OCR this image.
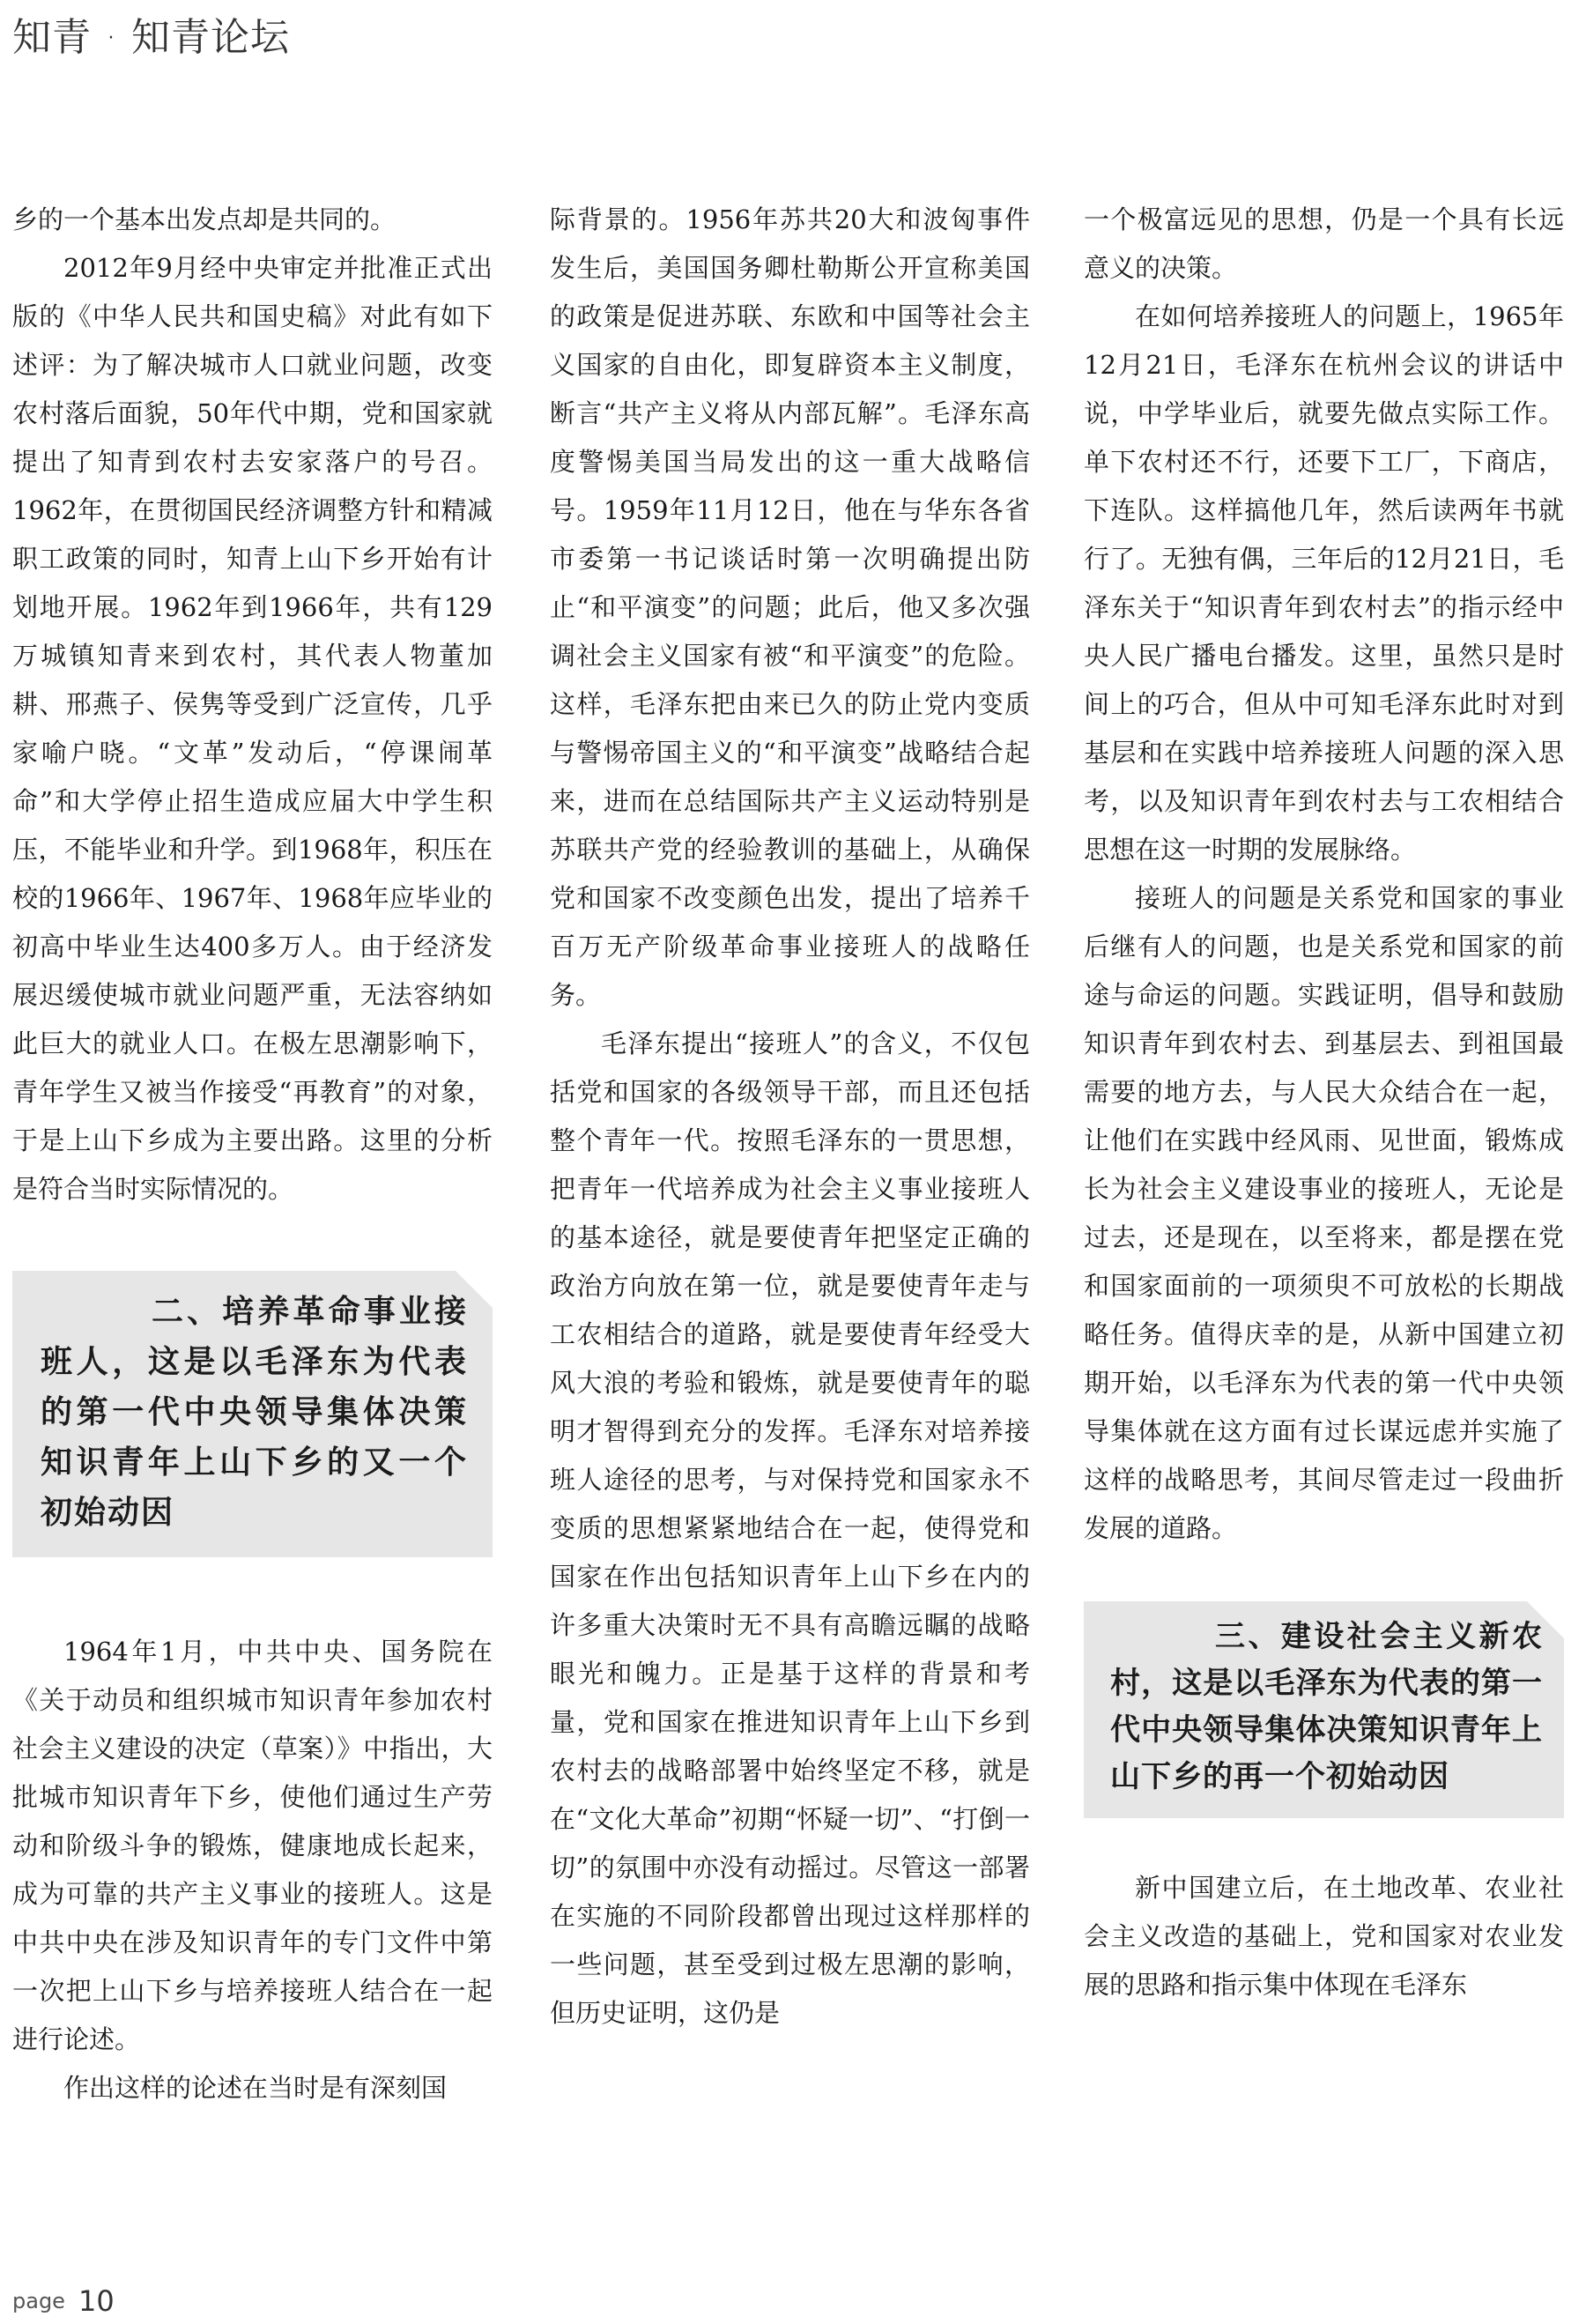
知青 · 知青论坛

乡的一个基本出发点却是共同的。

2012年9月经中央审定并批准正式出版的《中华人民共和国史稿》对此有如下述评：为了解决城市人口就业问题，改变农村落后面貌，50年代中期，党和国家就提出了知青到农村去安家落户的号召。1962年，在贯彻国民经济调整方针和精减职工政策的同时，知青上山下乡开始有计划地开展。1962年到1966年，共有129万城镇知青来到农村，其代表人物董加耕、邢燕子、侯隽等受到广泛宣传，几乎家喻户晓。“文革”发动后，“停课闹革命”和大学停止招生造成应届大中学生积压，不能毕业和升学。到1968年，积压在校的1966年、1967年、1968年应毕业的初高中毕业生达400多万人。由于经济发展迟缓使城市就业问题严重，无法容纳如此巨大的就业人口。在极左思潮影响下，青年学生又被当作接受“再教育”的对象，于是上山下乡成为主要出路。这里的分析是符合当时实际情况的。

二、培养革命事业接班人，这是以毛泽东为代表的第一代中央领导集体决策知识青年上山下乡的又一个初始动因

1964年1月，中共中央、国务院在《关于动员和组织城市知识青年参加农村社会主义建设的决定（草案）》中指出，大批城市知识青年下乡，使他们通过生产劳动和阶级斗争的锻炼，健康地成长起来，成为可靠的共产主义事业的接班人。这是中共中央在涉及知识青年的专门文件中第一次把上山下乡与培养接班人结合在一起进行论述。

作出这样的论述在当时是有深刻国

际背景的。1956年苏共20大和波匈事件发生后，美国国务卿杜勒斯公开宣称美国的政策是促进苏联、东欧和中国等社会主义国家的自由化，即复辟资本主义制度，断言“共产主义将从内部瓦解”。毛泽东高度警惕美国当局发出的这一重大战略信号。1959年11月12日，他在与华东各省市委第一书记谈话时第一次明确提出防止“和平演变”的问题；此后，他又多次强调社会主义国家有被“和平演变”的危险。这样，毛泽东把由来已久的防止党内变质与警惕帝国主义的“和平演变”战略结合起来，进而在总结国际共产主义运动特别是苏联共产党的经验教训的基础上，从确保党和国家不改变颜色出发，提出了培养千百万无产阶级革命事业接班人的战略任务。

毛泽东提出“接班人”的含义，不仅包括党和国家的各级领导干部，而且还包括整个青年一代。按照毛泽东的一贯思想，把青年一代培养成为社会主义事业接班人的基本途径，就是要使青年把坚定正确的政治方向放在第一位，就是要使青年走与工农相结合的道路，就是要使青年经受大风大浪的考验和锻炼，就是要使青年的聪明才智得到充分的发挥。毛泽东对培养接班人途径的思考，与对保持党和国家永不变质的思想紧紧地结合在一起，使得党和国家在作出包括知识青年上山下乡在内的许多重大决策时无不具有高瞻远瞩的战略眼光和魄力。正是基于这样的背景和考量，党和国家在推进知识青年上山下乡到农村去的战略部署中始终坚定不移，就是在“文化大革命”初期“怀疑一切”、“打倒一切”的氛围中亦没有动摇过。尽管这一部署在实施的不同阶段都曾出现过这样那样的一些问题，甚至受到过极左思潮的影响，但历史证明，这仍是

一个极富远见的思想，仍是一个具有长远意义的决策。

在如何培养接班人的问题上，1965年12月21日，毛泽东在杭州会议的讲话中说，中学毕业后，就要先做点实际工作。单下农村还不行，还要下工厂，下商店，下连队。这样搞他几年，然后读两年书就行了。无独有偶，三年后的12月21日，毛泽东关于“知识青年到农村去”的指示经中央人民广播电台播发。这里，虽然只是时间上的巧合，但从中可知毛泽东此时对到基层和在实践中培养接班人问题的深入思考，以及知识青年到农村去与工农相结合思想在这一时期的发展脉络。

接班人的问题是关系党和国家的事业后继有人的问题，也是关系党和国家的前途与命运的问题。实践证明，倡导和鼓励知识青年到农村去、到基层去、到祖国最需要的地方去，与人民大众结合在一起，让他们在实践中经风雨、见世面，锻炼成长为社会主义建设事业的接班人，无论是过去，还是现在，以至将来，都是摆在党和国家面前的一项须臾不可放松的长期战略任务。值得庆幸的是，从新中国建立初期开始，以毛泽东为代表的第一代中央领导集体就在这方面有过长谋远虑并实施了这样的战略思考，其间尽管走过一段曲折发展的道路。

三、建设社会主义新农村，这是以毛泽东为代表的第一代中央领导集体决策知识青年上山下乡的再一个初始动因

新中国建立后，在土地改革、农业社会主义改造的基础上，党和国家对农业发展的思路和指示集中体现在毛泽东

page 10
